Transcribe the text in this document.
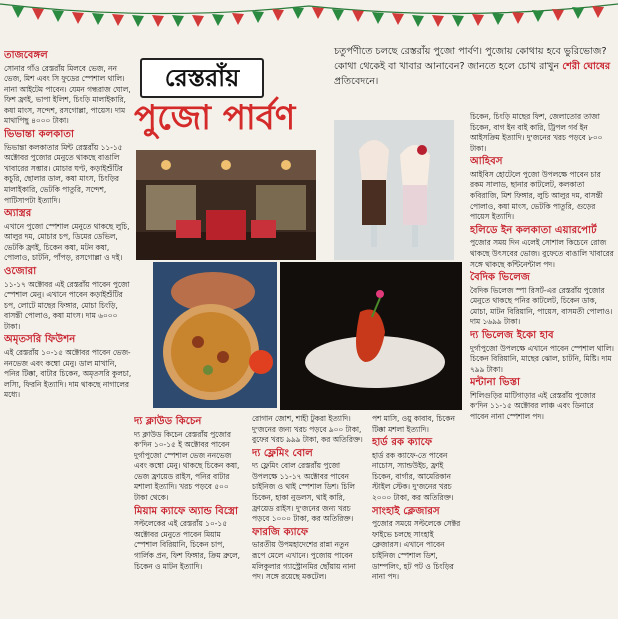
রেস্তরাঁয়
পুজো পার্বণ
চতুর্পণীতে চলছে রেস্তরাঁয় পুজো পার্বণ। পুজোয় কোথায় হবে ভুরিভোজ? কোথা থেকেই বা খাবার আনাবেন? জানতে হলে চোখ রাখুন শেরী ঘোষের প্রতিবেদনে।
তাজবেঙ্গল

সোনার গাঁও রেস্তরাঁয় মিলবে ভেজ, নন ভেজ, মিশ এবং সি ফুডের স্পেশাল থালি। নানা আইটেম পাবেন। যেমন গন্ধরাজ ঘোল, ফিশ ফ্রাই, ভাপা ইলিশ, চিংড়ি মালাইকারি, কষা মাংস, সন্দেশ, রসগোল্লা, পায়েস। দাম মাথাপিছু ৪০০০ টাকা।

ভিভান্তা কলকাতা

ভিভান্তা কলকাতার মিন্ট রেস্তরাঁয় ১১-১৫ অক্টোবর পুজোর মেনুতে থাকছে বাঙালি খাবারের সম্ভার। মোচার ঘণ্ট, কড়াইশুঁটির কচুরি, ছোলার ডাল, কষা মাংস, চিংড়ির মালাইকারি, ভেটকি পাতুরি, সন্দেশ, পাটিসাপটা ইত্যাদি।

অ্যাস্ত্রর

এখানে পুজো স্পেশাল মেনুতে থাকছে লুচি, আলুর দম, মোচার চপ, ডিমের ডেভিল, ভেটকি ফ্রাই, চিকেন কষা, মটন কষা, পোলাও, চাটনি, পাঁপড়, রসগোল্লা ও দই।

ওজোরা

১১-১৭ অক্টোবর এই রেস্তরাঁয় পাবেন পুজো স্পেশাল মেনু। এখানে পাবেন কড়াইশুঁটির চপ, লোটে মাছের ফিঙ্গার, মোচা চিংড়ি, বাসন্তী পোলাও, কষা মাংস। দাম ৬০০০ টাকা।

অমৃতসরি ফিউশন

এই রেস্তরাঁয় ১০-১৫ অক্টোবর পাবেন ভেজ-ননভেজ এবং কম্বো মেনু। ডাল মাখানি, পনির টিক্কা, বাটার চিকেন, অমৃতসরি কুলচা, লস্যি, ফিরনি ইত্যাদি। দাম থাকছে নাগালের মধ্যে।

দ্য ক্লাউড কিচেন

দ্য ক্লাউড কিচেন রেস্তরাঁয় পুজোর ক'দিন ১০-১৫ ই অক্টোবর পাবেন দুর্গাপুজো স্পেশাল ভেজ ননভেজ এবং কম্বো মেনু। থাকছে চিকেন কষা, ভেজ ফ্রায়েড রাইস, পনির বাটার মশালা ইত্যাদি। খরচ পড়বে ৫০০ টাকা থেকে।

মিয়াম ক্যাফে অ্যান্ড বিস্ত্রো

সল্টলেকের এই রেস্তরাঁয় ১০-১৫ অক্টোবর মেনুতে পাবেন মিয়াম স্পেশাল বিরিয়ানি, চিকেন চাপ, গার্লিক প্রন, ফিশ ফিঙ্গার, ক্রিম ব্রুলে, চিকেন ও মাটন ইত্যাদি।

রোগান জোশ, শাহী টুকরা ইত্যাদি। দু'জনের জন্য খরচ পড়বে ৯০০ টাকা, বুফের খরচ ৯৯৯ টাকা, কর অতিরিক্ত।

দ্য ফ্লেমিং বোল

দ্য ফ্লেমিং বোল রেস্তরাঁয় পুজো উপলক্ষে ১১-১৭ অক্টোবর পাবেন চাইনিজ ও থাই স্পেশাল ডিশ। চিলি চিকেন, হাকা নুডলস, থাই কারি, ফ্রায়েড রাইস। দু'জনের জন্য খরচ পড়বে ১০০০ টাকা, কর অতিরিক্ত।

ফারজি ক্যাফে

ভারতীয় উপমহাদেশের রান্না নতুন রূপে মেলে এখানে। পুজোয় পাবেন মলিকুলার গ্যাস্ট্রোনমির ছোঁয়ায় নানা পদ। সঙ্গে রয়েছে মকটেল।

পশ মাসি, ওয়ু কাবাব, চিকেন টিক্কা মশলা ইত্যাদি।

হার্ড রক ক্যাফে

হার্ড রক ক্যাফে-তে পাবেন নাচোস, স্যান্ডউইচ, ফ্রাই চিকেন, বার্গার, আমেরিকান স্টাইল স্টেক। দু'জনের খরচ ২০০০ টাকা, কর অতিরিক্ত।

সাংহাই ক্লেজারস

পুজোর সময়ে সল্টলেকে সেক্টর ফাইভে চলছে সাংহাই ক্লেজারস। এখানে পাবেন চাইনিজ স্পেশাল ডিশ, ডাম্পলিং, হট পট ও চিংড়ির নানা পদ।

চিকেন, চিংড়ি মাছের ফিশ, জেলাতোর তাজা চিকেন, বাগ ইন বাই কারি, ট্রিপল গর্ব ইন আইসক্রিম ইত্যাদি। দু'জনের খরচ পড়বে ৮০০ টাকা।

আহিবস

আইবিস হোটেলে পুজো উপলক্ষে পাবেন চার রকম সালাড, ছানার কাটলেট, কলকাতা কবিরাজি, মিশ ফিঙ্গার, লুচি আলুর দম, বাসন্তী পোলাও, কষা মাংস, ভেটকি পাতুরি, গুড়ের পায়েস ইত্যাদি।

হলিডে ইন কলকাতা এয়ারপোর্ট

পুজোর সময় দিন এলেই সোশাল কিচেনে রোজ থাকছে উৎসবের ভোজ। বুফেতে বাঙালি খাবারের সঙ্গে থাকছে কন্টিনেন্টাল পদ।

বৈদিক ভিলেজ

বৈদিক ভিলেজ স্পা রিসর্ট-এর রেস্তরাঁয় পুজোর মেনুতে থাকছে পনির কাটলেট, চিকেন ডাক, মোচা, মাটন বিরিয়ানি, পায়েস, বাসমতী পোলাও। দাম ১৬৯৯ টাকা।

দ্য ভিলেজ ইকো হাব

দুর্গাপুজো উপলক্ষে এখানে পাবেন স্পেশাল থালি। চিকেন বিরিয়ানি, মাছের ঝোল, চাটনি, মিষ্টি। দাম ৭৯৯ টাকা।

মন্টানা ভিস্তা

শিলিগুড়ির মাটিগাড়ার এই রেস্তরাঁয় পুজোর ক'দিন ১১-১৫ অক্টোবর লাঞ্চ এবং ডিনারে পাবেন নানা স্পেশাল পদ।
